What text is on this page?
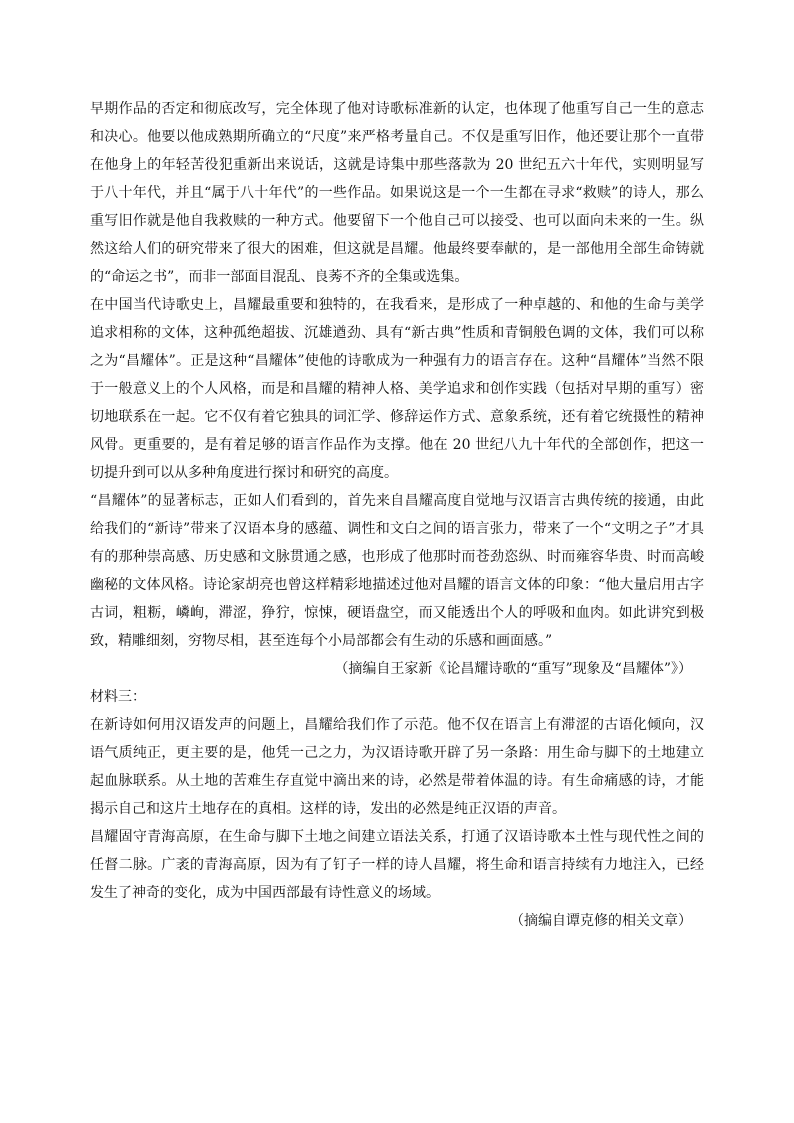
早期作品的否定和彻底改写，完全体现了他对诗歌标准新的认定，也体现了他重写自己一生的意志和决心。他要以他成熟期所确立的“尺度”来严格考量自己。不仅是重写旧作，他还要让那个一直带在他身上的年轻苦役犯重新出来说话，这就是诗集中那些落款为 20 世纪五六十年代，实则明显写于八十年代，并且“属于八十年代”的一些作品。如果说这是一个一生都在寻求“救赎”的诗人，那么重写旧作就是他自我救赎的一种方式。他要留下一个他自己可以接受、也可以面向未来的一生。纵然这给人们的研究带来了很大的困难，但这就是昌耀。他最终要奉献的，是一部他用全部生命铸就的“命运之书”，而非一部面目混乱、良莠不齐的全集或选集。

在中国当代诗歌史上，昌耀最重要和独特的，在我看来，是形成了一种卓越的、和他的生命与美学追求相称的文体，这种孤绝超拔、沉雄遒劲、具有“新古典”性质和青铜般色调的文体，我们可以称之为“昌耀体”。正是这种“昌耀体”使他的诗歌成为一种强有力的语言存在。这种“昌耀体”当然不限于一般意义上的个人风格，而是和昌耀的精神人格、美学追求和创作实践（包括对早期的重写）密切地联系在一起。它不仅有着它独具的词汇学、修辞运作方式、意象系统，还有着它统摄性的精神风骨。更重要的，是有着足够的语言作品作为支撑。他在 20 世纪八九十年代的全部创作，把这一切提升到可以从多种角度进行探讨和研究的高度。

“昌耀体”的显著标志，正如人们看到的，首先来自昌耀高度自觉地与汉语言古典传统的接通，由此给我们的“新诗”带来了汉语本身的感蕴、调性和文白之间的语言张力，带来了一个“文明之子”才具有的那种崇高感、历史感和文脉贯通之感，也形成了他那时而苍劲恣纵、时而雍容华贵、时而高峻幽秘的文体风格。诗论家胡亮也曾这样精彩地描述过他对昌耀的语言文体的印象：“他大量启用古字古词，粗粝，嶙峋，滞涩，狰狞，惊悚，硬语盘空，而又能透出个人的呼吸和血肉。如此讲究到极致，精雕细刻，穷物尽相，甚至连每个小局部都会有生动的乐感和画面感。”

（摘编自王家新《论昌耀诗歌的“重写”现象及“昌耀体”》）

材料三：

在新诗如何用汉语发声的问题上，昌耀给我们作了示范。他不仅在语言上有滞涩的古语化倾向，汉语气质纯正，更主要的是，他凭一己之力，为汉语诗歌开辟了另一条路：用生命与脚下的土地建立起血脉联系。从土地的苦难生存直觉中滴出来的诗，必然是带着体温的诗。有生命痛感的诗，才能揭示自己和这片土地存在的真相。这样的诗，发出的必然是纯正汉语的声音。

昌耀固守青海高原，在生命与脚下土地之间建立语法关系，打通了汉语诗歌本土性与现代性之间的任督二脉。广袤的青海高原，因为有了钉子一样的诗人昌耀，将生命和语言持续有力地注入，已经发生了神奇的变化，成为中国西部最有诗性意义的场域。

（摘编自谭克修的相关文章）
